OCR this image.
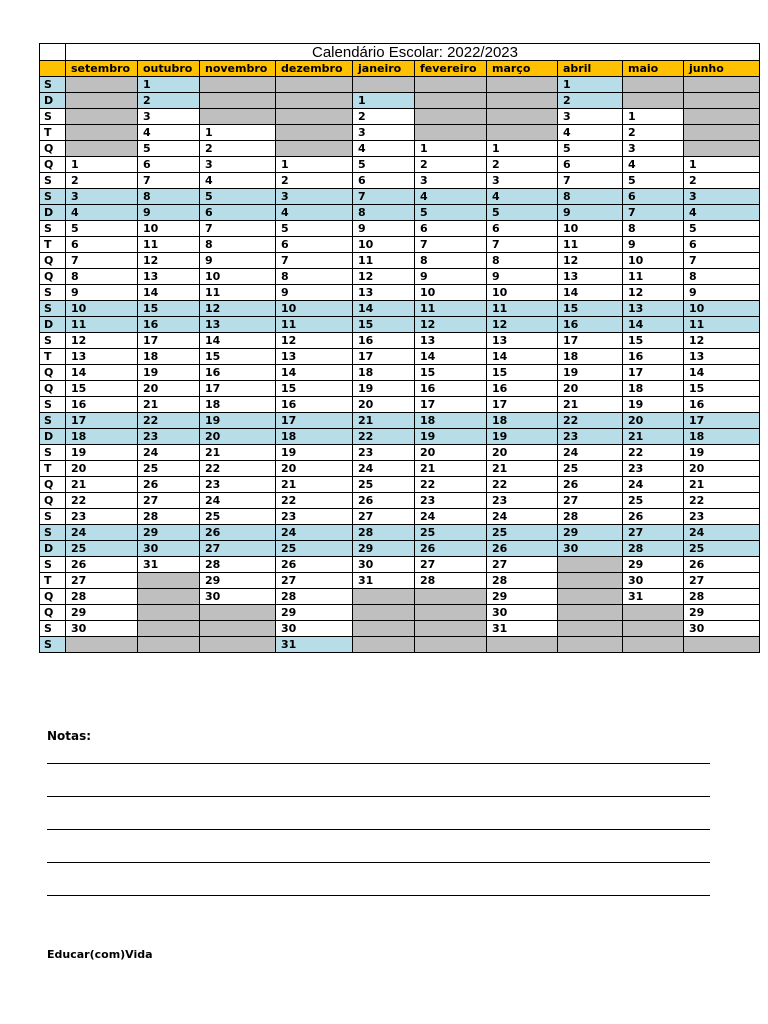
	Calendário Escolar: 2022/2023									
	setembro	outubro	novembro	dezembro	janeiro	fevereiro	março	abril	maio	junho
S		1						1		
D		2			1			2		
S		3			2			3	1	
T		4	1		3			4	2	
Q		5	2		4	1	1	5	3	
Q	1	6	3	1	5	2	2	6	4	1
S	2	7	4	2	6	3	3	7	5	2
S	3	8	5	3	7	4	4	8	6	3
D	4	9	6	4	8	5	5	9	7	4
S	5	10	7	5	9	6	6	10	8	5
T	6	11	8	6	10	7	7	11	9	6
Q	7	12	9	7	11	8	8	12	10	7
Q	8	13	10	8	12	9	9	13	11	8
S	9	14	11	9	13	10	10	14	12	9
S	10	15	12	10	14	11	11	15	13	10
D	11	16	13	11	15	12	12	16	14	11
S	12	17	14	12	16	13	13	17	15	12
T	13	18	15	13	17	14	14	18	16	13
Q	14	19	16	14	18	15	15	19	17	14
Q	15	20	17	15	19	16	16	20	18	15
S	16	21	18	16	20	17	17	21	19	16
S	17	22	19	17	21	18	18	22	20	17
D	18	23	20	18	22	19	19	23	21	18
S	19	24	21	19	23	20	20	24	22	19
T	20	25	22	20	24	21	21	25	23	20
Q	21	26	23	21	25	22	22	26	24	21
Q	22	27	24	22	26	23	23	27	25	22
S	23	28	25	23	27	24	24	28	26	23
S	24	29	26	24	28	25	25	29	27	24
D	25	30	27	25	29	26	26	30	28	25
S	26	31	28	26	30	27	27		29	26
T	27		29	27	31	28	28		30	27
Q	28		30	28			29		31	28
Q	29			29			30			29
S	30			30			31			30
S				31						
Notas:
Educar(com)Vida
